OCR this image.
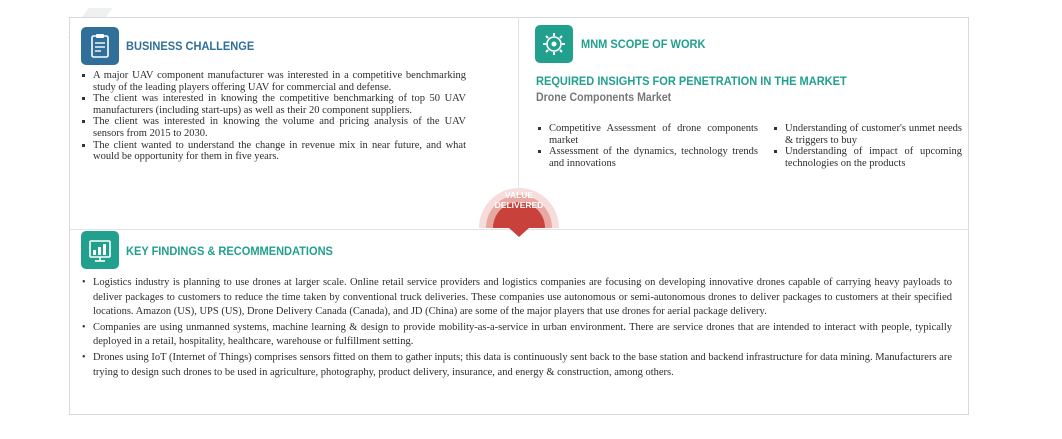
BUSINESS CHALLENGE
A major UAV component manufacturer was interested in a competitive benchmarking study of the leading players offering UAV for commercial and defense.
The client was interested in knowing the competitive benchmarking of top 50 UAV manufacturers (including start-ups) as well as their 20 component suppliers.
The client was interested in knowing the volume and pricing analysis of the UAV sensors from 2015 to 2030.
The client wanted to understand the change in revenue mix in near future, and what would be opportunity for them in five years.
MNM SCOPE OF WORK
REQUIRED INSIGHTS FOR PENETRATION IN THE MARKET
Drone Components Market
Competitive Assessment of drone components market
Assessment of the dynamics, technology trends and innovations
Understanding of customer's unmet needs & triggers to buy
Understanding of impact of upcoming technologies on the products
VALUE
DELIVERED
KEY FINDINGS & RECOMMENDATIONS
• Logistics industry is planning to use drones at larger scale. Online retail service providers and logistics companies are focusing on developing innovative drones capable of carrying heavy payloads to deliver packages to customers to reduce the time taken by conventional truck deliveries. These companies use autonomous or semi-autonomous drones to deliver packages to customers at their specified locations. Amazon (US), UPS (US), Drone Delivery Canada (Canada), and JD (China) are some of the major players that use drones for aerial package delivery.
• Companies are using unmanned systems, machine learning & design to provide mobility-as-a-service in urban environment. There are service drones that are intended to interact with people, typically deployed in a retail, hospitality, healthcare, warehouse or fulfillment setting.
• Drones using IoT (Internet of Things) comprises sensors fitted on them to gather inputs; this data is continuously sent back to the base station and backend infrastructure for data mining. Manufacturers are trying to design such drones to be used in agriculture, photography, product delivery, insurance, and energy & construction, among others.
